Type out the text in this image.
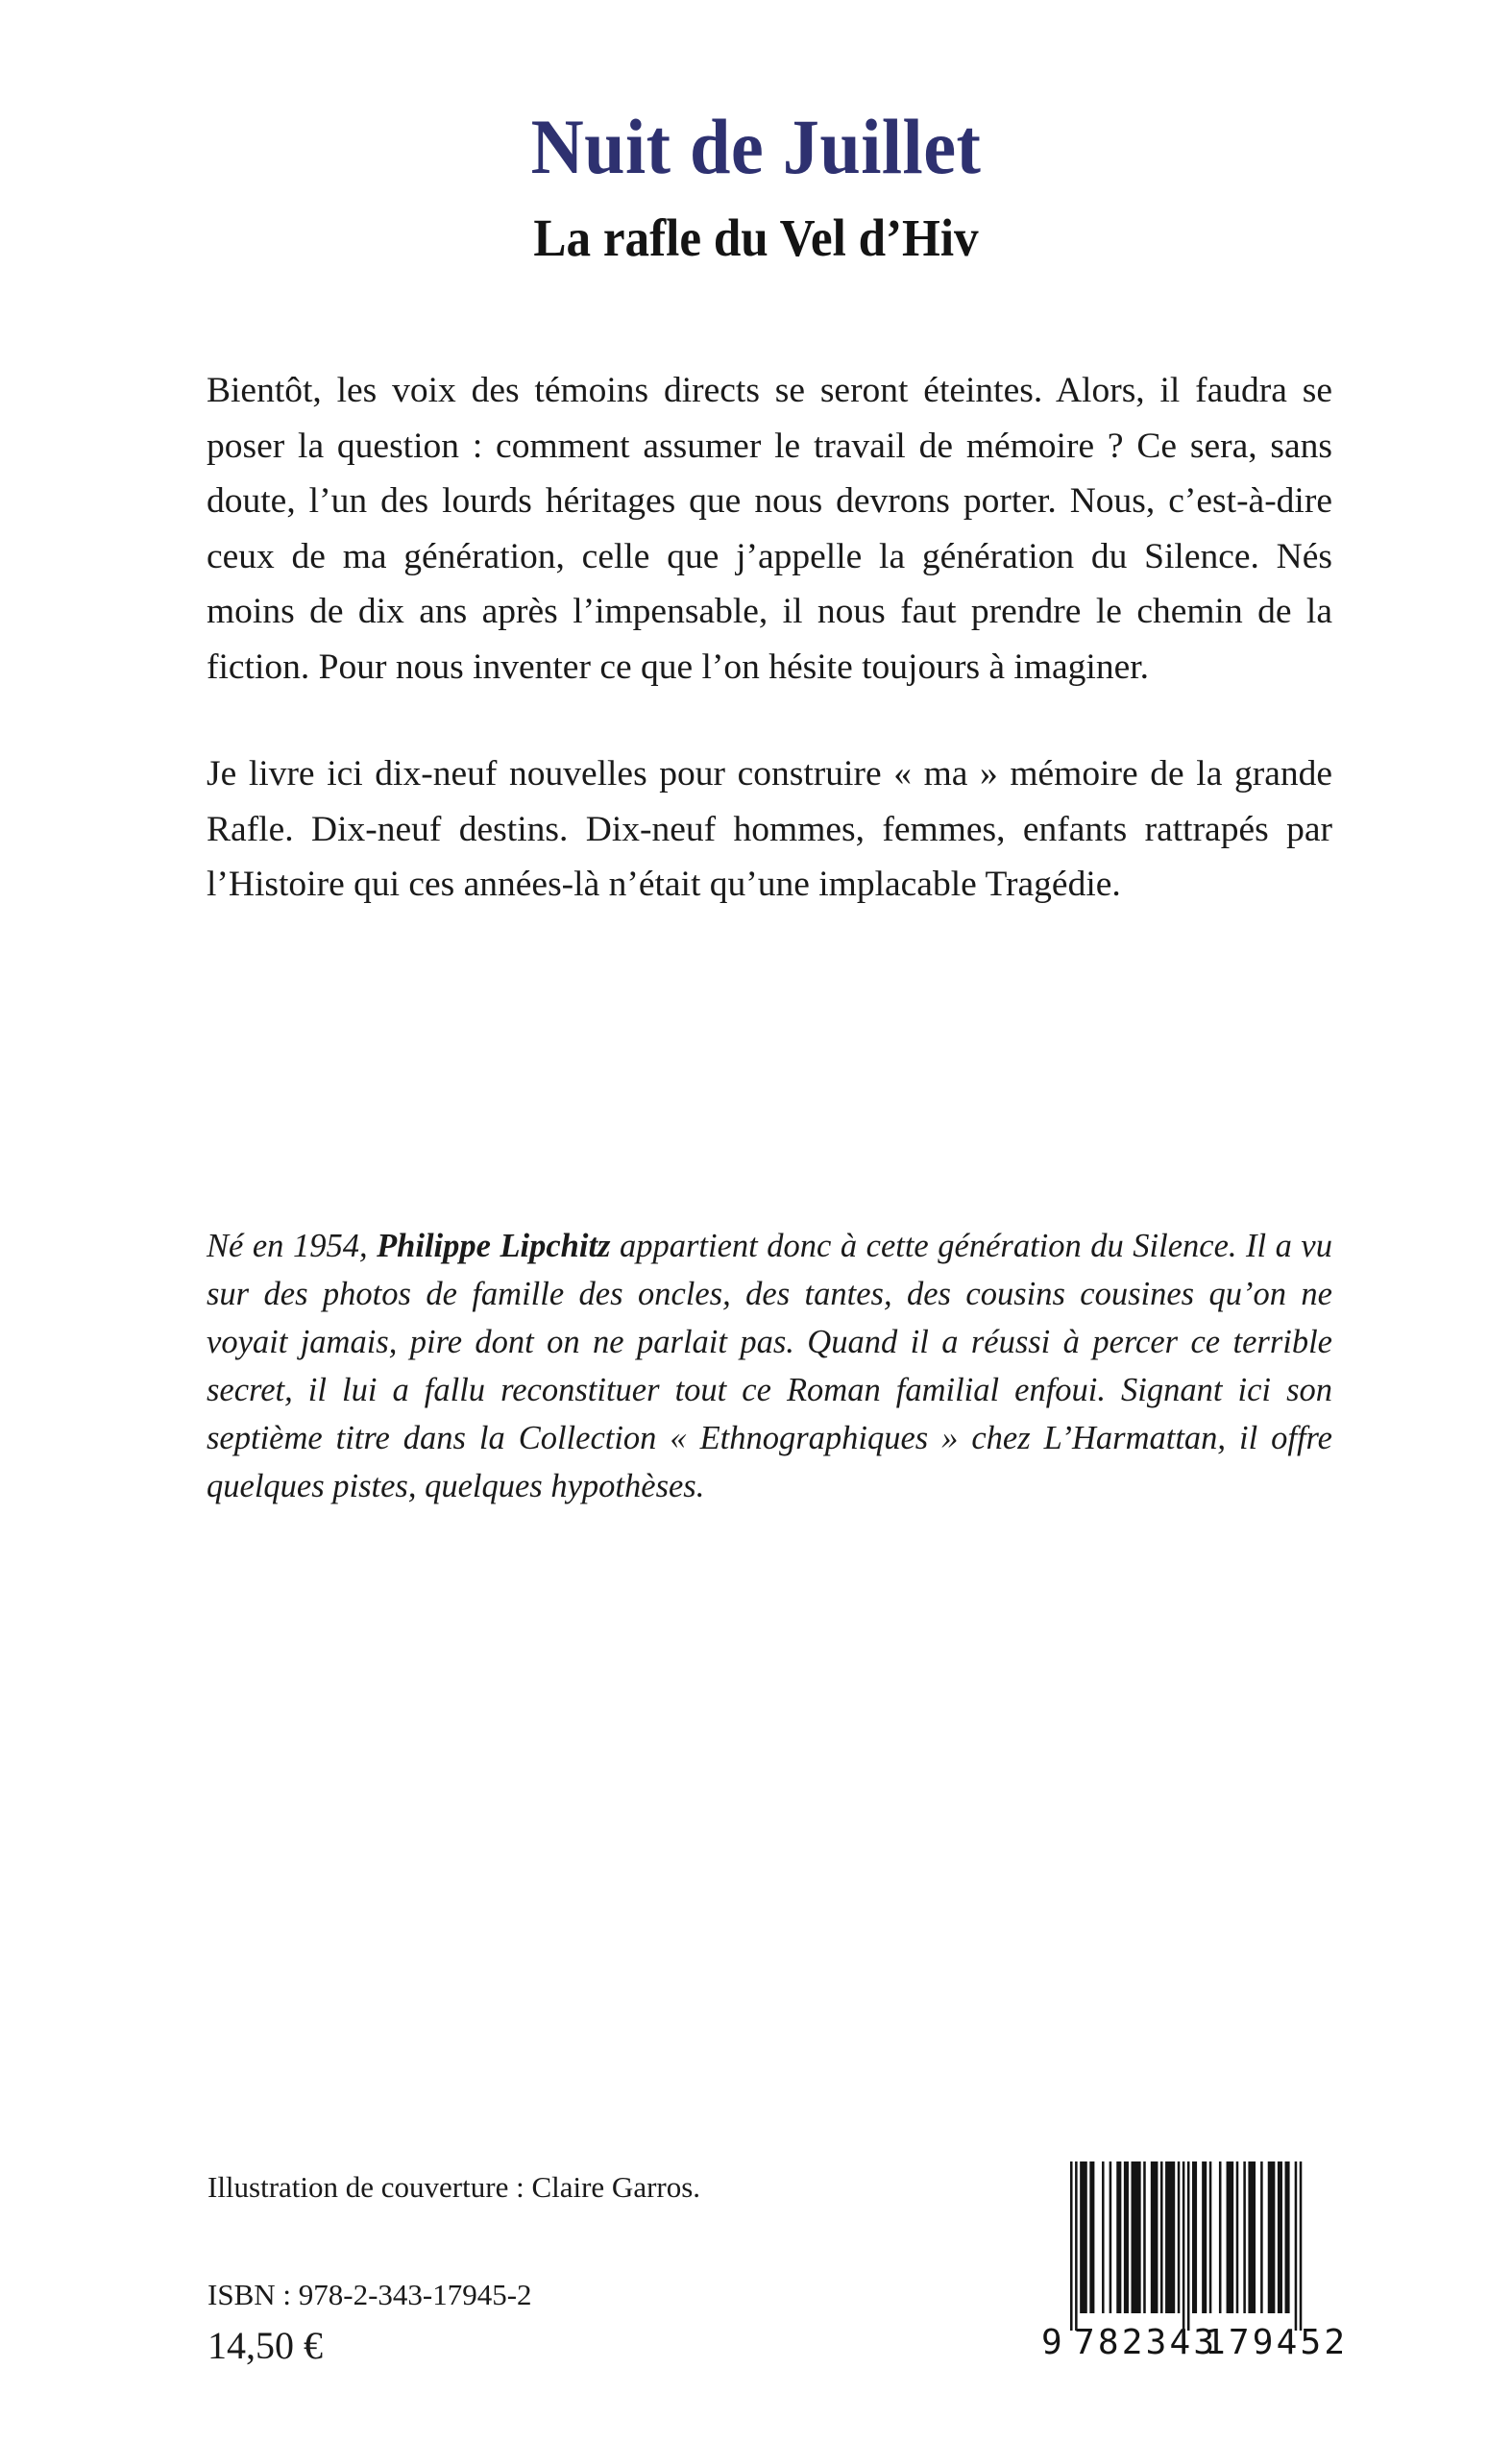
Nuit de Juillet
La rafle du Vel d’Hiv

Bientôt, les voix des témoins directs se seront éteintes. Alors, il faudra se poser la question : comment assumer le travail de mémoire ? Ce sera, sans doute, l’un des lourds héritages que nous devrons porter. Nous, c’est-à-dire ceux de ma génération, celle que j’appelle la génération du Silence. Nés moins de dix ans après l’impensable, il nous faut prendre le chemin de la fiction. Pour nous inventer ce que l’on hésite toujours à imaginer.

Je livre ici dix-neuf nouvelles pour construire « ma » mémoire de la grande Rafle. Dix-neuf destins. Dix-neuf hommes, femmes, enfants rattrapés par l’Histoire qui ces années-là n’était qu’une implacable Tragédie.

Né en 1954, Philippe Lipchitz appartient donc à cette génération du Silence. Il a vu sur des photos de famille des oncles, des tantes, des cousins cousines qu’on ne voyait jamais, pire dont on ne parlait pas. Quand il a réussi à percer ce terrible secret, il lui a fallu reconstituer tout ce Roman familial enfoui. Signant ici son septième titre dans la Collection « Ethnographiques » chez L’Harmattan, il offre quelques pistes, quelques hypothèses.

Illustration de couverture : Claire Garros.
ISBN : 978-2-343-17945-2
14,50 €	9 782343
179452
